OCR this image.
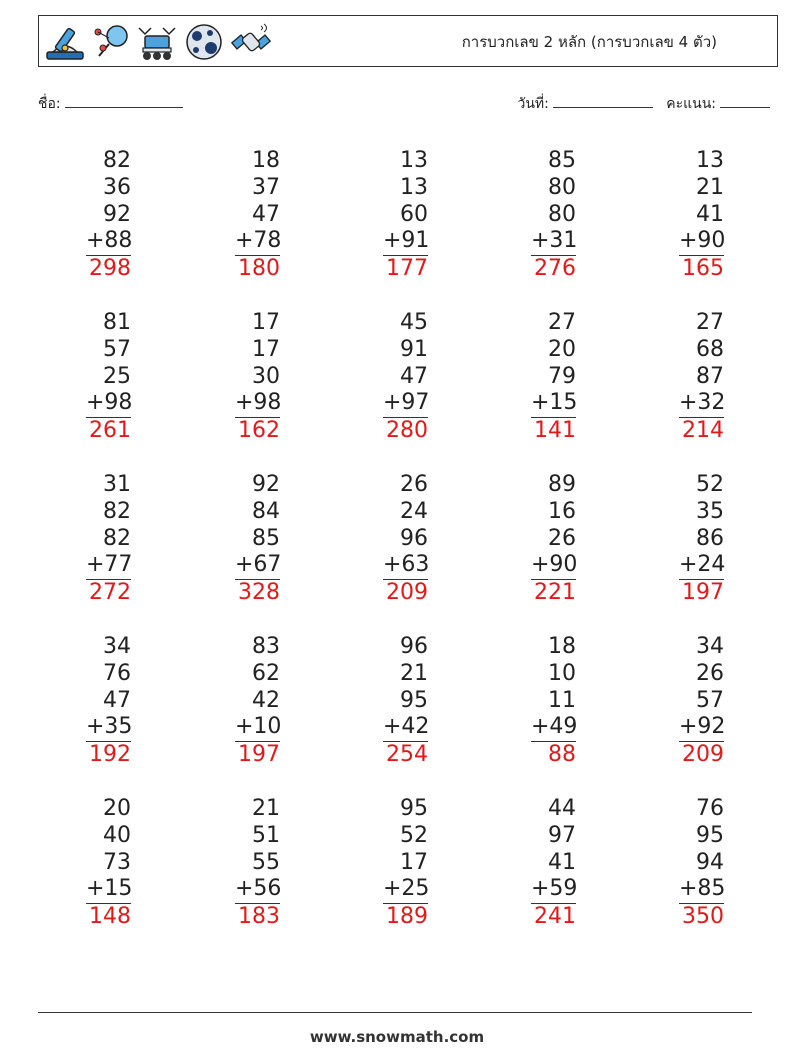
การบวกเลข 2 หลัก (การบวกเลข 4 ตัว)
ชื่อ:	วันที่:	คะแนน:
82
36
92
+88
298
18
37
47
+78
180
13
13
60
+91
177
85
80
80
+31
276
13
21
41
+90
165
81
57
25
+98
261
17
17
30
+98
162
45
91
47
+97
280
27
20
79
+15
141
27
68
87
+32
214
31
82
82
+77
272
92
84
85
+67
328
26
24
96
+63
209
89
16
26
+90
221
52
35
86
+24
197
34
76
47
+35
192
83
62
42
+10
197
96
21
95
+42
254
18
10
11
+49
88
34
26
57
+92
209
20
40
73
+15
148
21
51
55
+56
183
95
52
17
+25
189
44
97
41
+59
241
76
95
94
+85
350
www.snowmath.com
